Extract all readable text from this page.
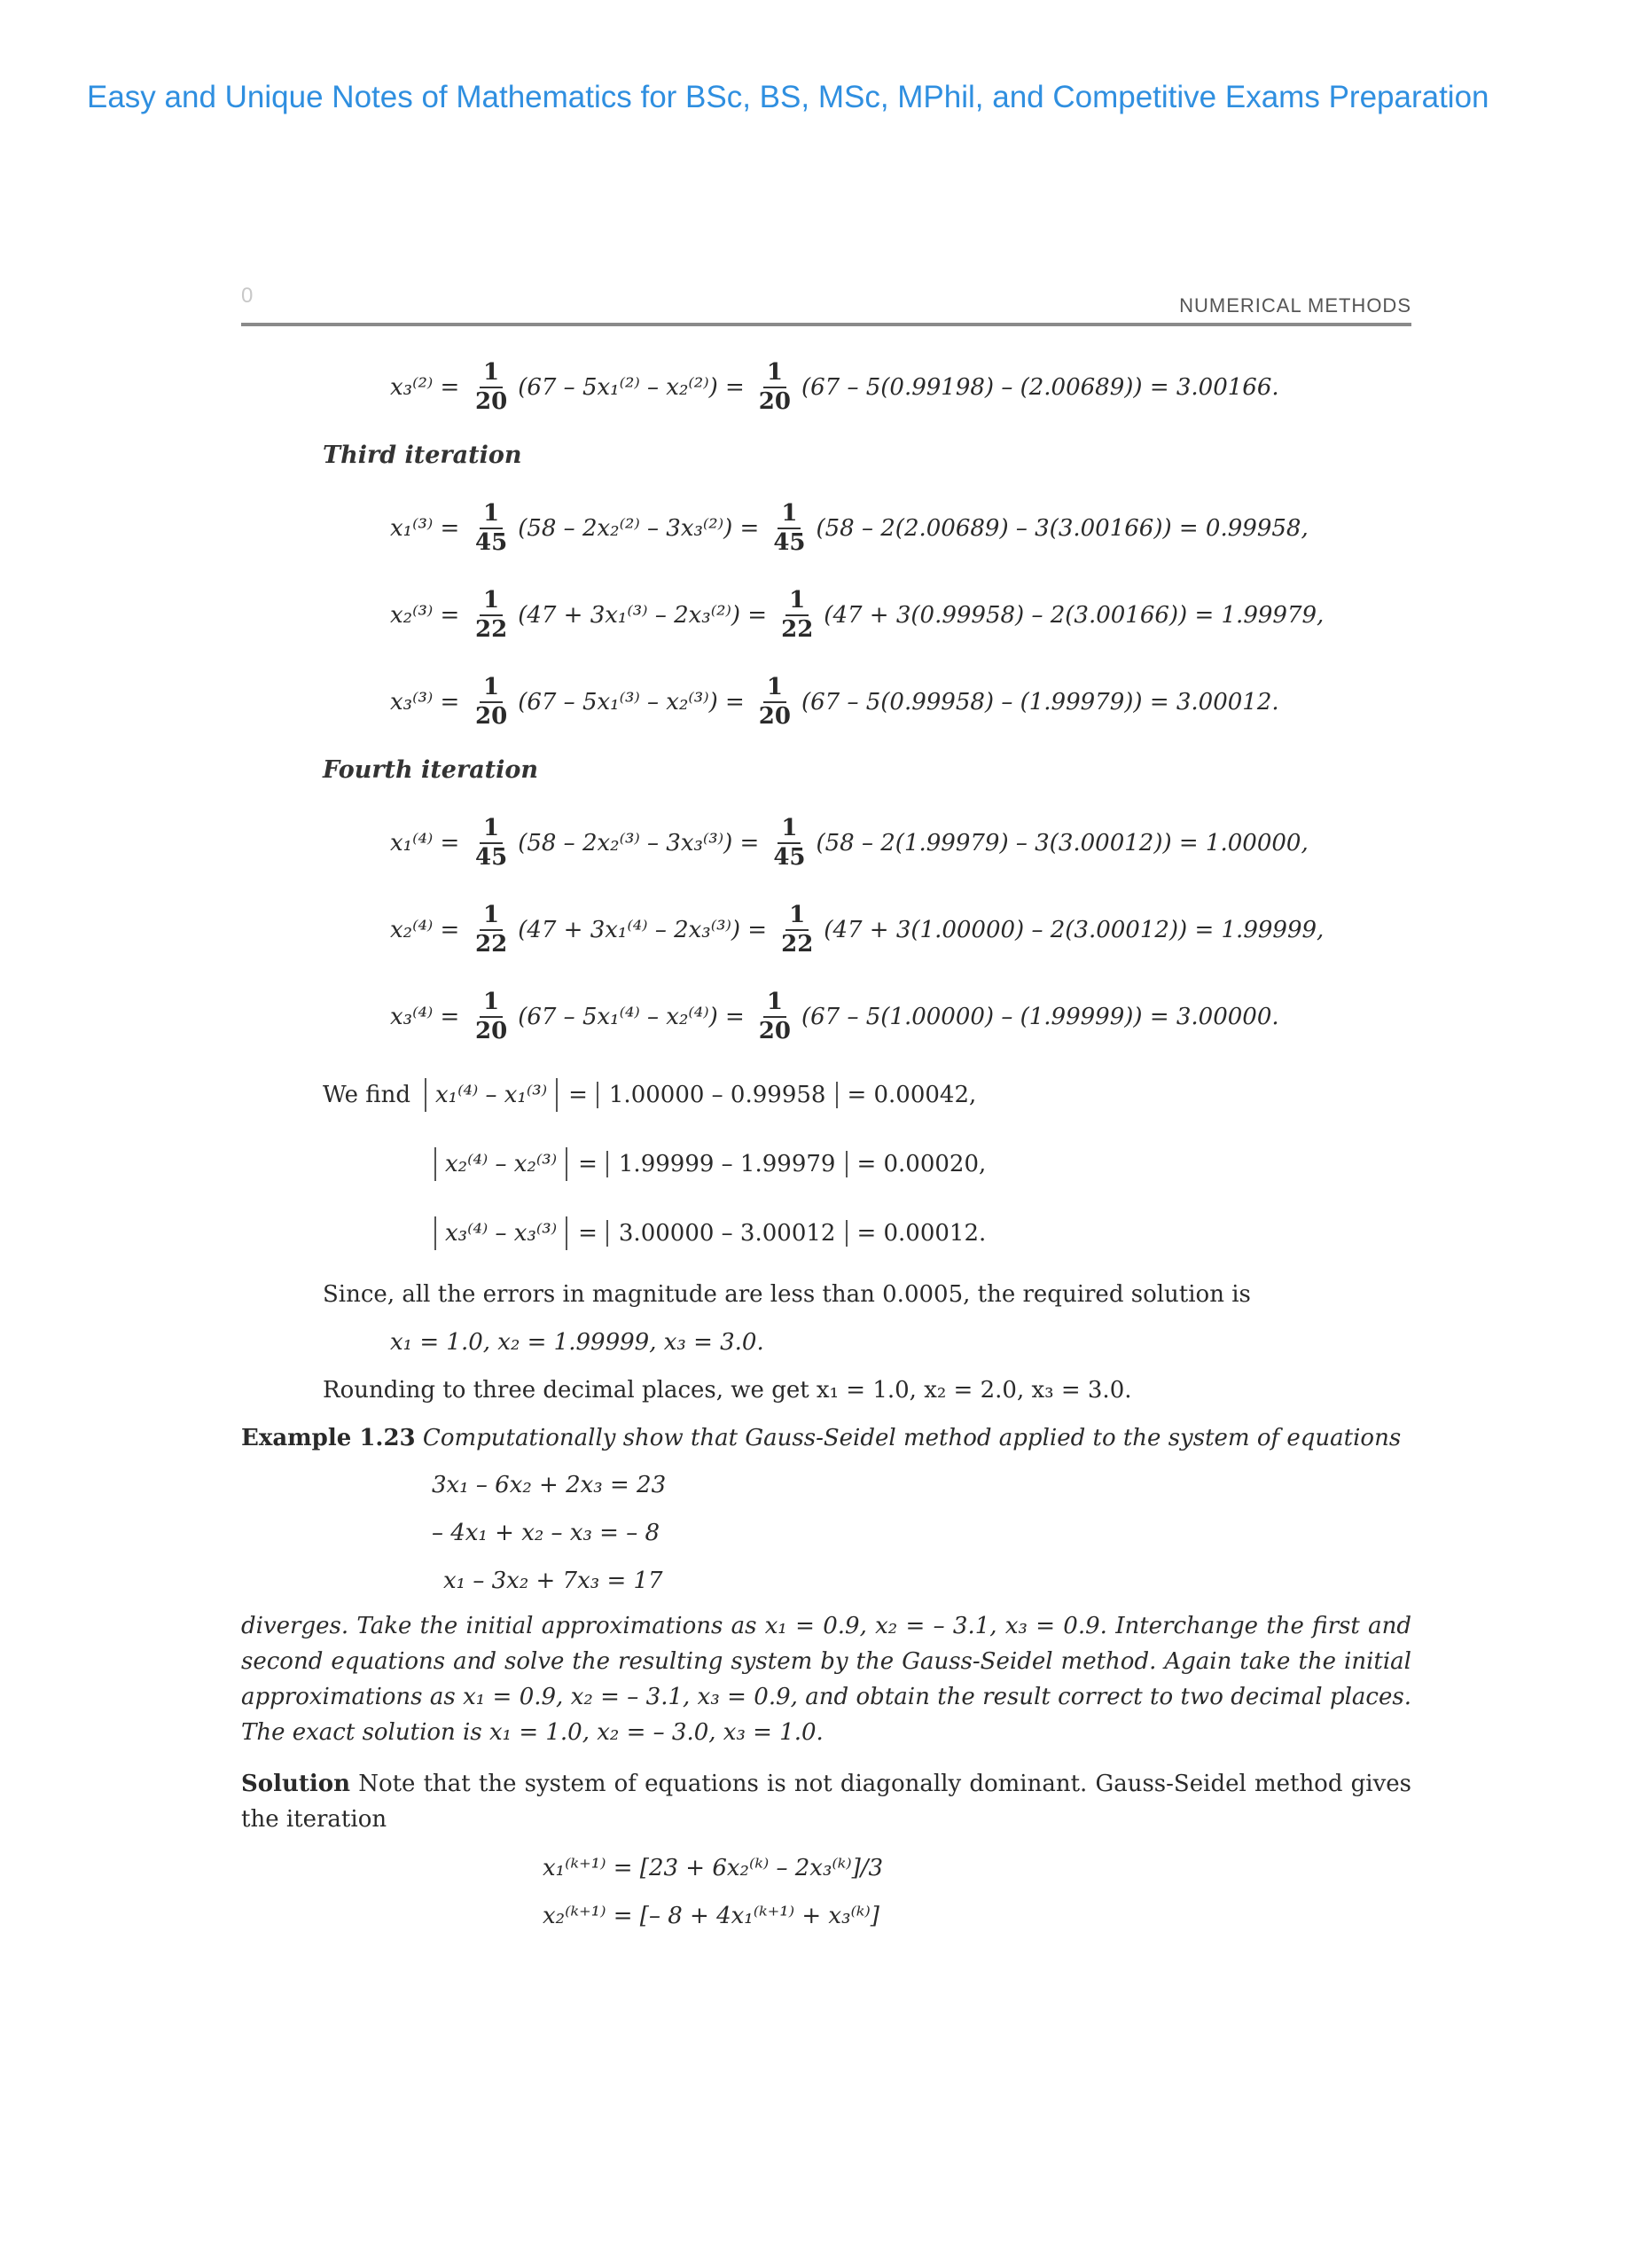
Easy and Unique Notes of Mathematics for BSc, BS, MSc, MPhil, and Competitive Exams Preparation
0	NUMERICAL METHODS
$x_3^{(2)} = \frac{1}{20} (67 - 5x_1^{(2)} - x_2^{(2)}) = \frac{1}{20} (67 - 5(0.99198) - (2.00689)) = 3.00166$.
Third iteration
$x_1^{(3)} = \frac{1}{45} (58 - 2x_2^{(2)} - 3x_3^{(2)}) = \frac{1}{45} (58 - 2(2.00689) - 3(3.00166)) = 0.99958$,
$x_2^{(3)} = \frac{1}{22} (47 + 3x_1^{(3)} - 2x_3^{(2)}) = \frac{1}{22} (47 + 3(0.99958) - 2(3.00166)) = 1.99979$,
$x_3^{(3)} = \frac{1}{20} (67 - 5x_1^{(3)} - x_2^{(3)}) = \frac{1}{20} (67 - 5(0.99958) - (1.99979)) = 3.00012$.
Fourth iteration
$x_1^{(4)} = \frac{1}{45} (58 - 2x_2^{(3)} - 3x_3^{(3)}) = \frac{1}{45} (58 - 2(1.99979) - 3(3.00012)) = 1.00000$,
$x_2^{(4)} = \frac{1}{22} (47 + 3x_1^{(4)} - 2x_3^{(3)}) = \frac{1}{22} (47 + 3(1.00000) - 2(3.00012)) = 1.99999$,
$x_3^{(4)} = \frac{1}{20} (67 - 5x_1^{(4)} - x_2^{(4)}) = \frac{1}{20} (67 - 5(1.00000) - (1.99999)) = 3.00000$.
We find	x₁⁽⁴⁾ – x₁⁽³⁾ = 1.00000 – 0.99958 = 0.00042,
x₂⁽⁴⁾ – x₂⁽³⁾ = 1.99999 – 1.99979 = 0.00020,
x₃⁽⁴⁾ – x₃⁽³⁾ = 3.00000 – 3.00012 = 0.00012.
Since, all the errors in magnitude are less than 0.0005, the required solution is
x₁ = 1.0, x₂ = 1.99999, x₃ = 3.0.
Rounding to three decimal places, we get x₁ = 1.0, x₂ = 2.0, x₃ = 3.0.
Example 1.23 Computationally show that Gauss-Seidel method applied to the system of equations
3x₁ – 6x₂ + 2x₃ = 23
– 4x₁ + x₂ – x₃ = – 8
x₁ – 3x₂ + 7x₃ = 17
diverges. Take the initial approximations as x₁ = 0.9, x₂ = – 3.1, x₃ = 0.9. Interchange the first and second equations and solve the resulting system by the Gauss-Seidel method. Again take the initial approximations as x₁ = 0.9, x₂ = – 3.1, x₃ = 0.9, and obtain the result correct to two decimal places. The exact solution is x₁ = 1.0, x₂ = – 3.0, x₃ = 1.0.
Solution Note that the system of equations is not diagonally dominant. Gauss-Seidel method gives the iteration
x₁⁽ᵏ⁺¹⁾ = [23 + 6x₂⁽ᵏ⁾ – 2x₃⁽ᵏ⁾]/3
x₂⁽ᵏ⁺¹⁾ = [– 8 + 4x₁⁽ᵏ⁺¹⁾ + x₃⁽ᵏ⁾]
